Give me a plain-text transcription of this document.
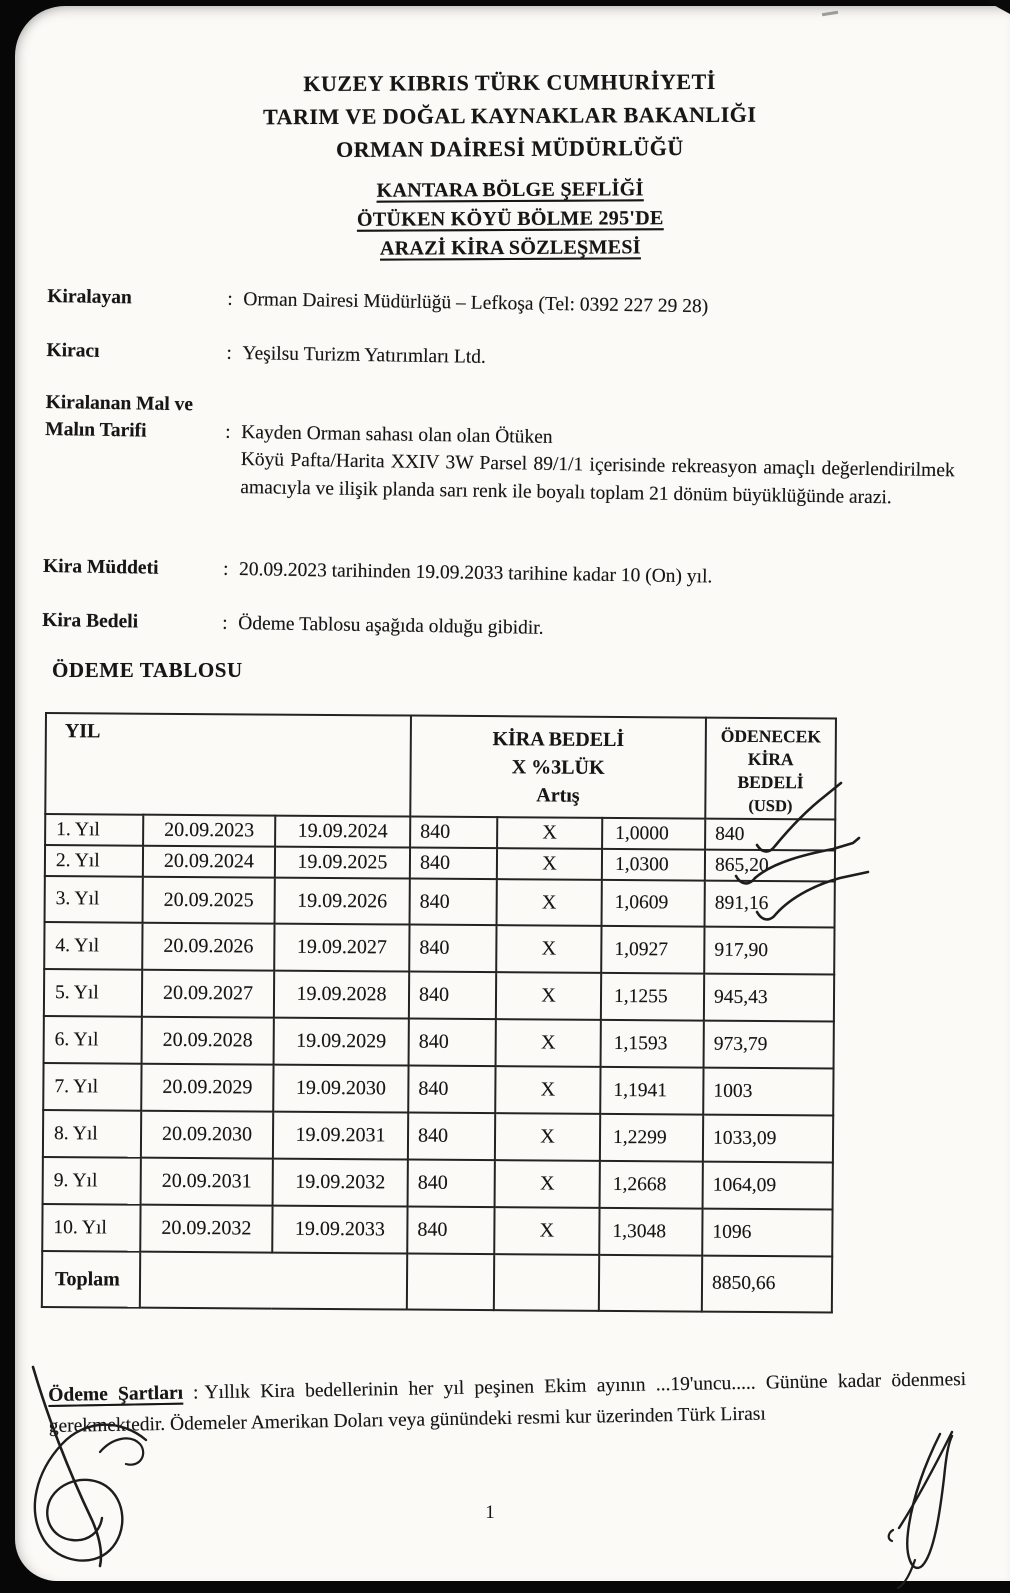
KUZEY KIBRIS TÜRK CUMHURİYETİ
TARIM VE DOĞAL KAYNAKLAR BAKANLIĞI
ORMAN DAİRESİ MÜDÜRLÜĞÜ
KANTARA BÖLGE ŞEFLİĞİ
ÖTÜKEN KÖYÜ BÖLME 295'DE
ARAZİ KİRA SÖZLEŞMESİ
Kiralayan	: Orman Dairesi Müdürlüğü – Lefkoşa (Tel: 0392 227 29 28)
Kiracı	: Yeşilsu Turizm Yatırımları Ltd.
Kiralanan Mal ve
Malın Tarifi	: Kayden Orman sahası olan olan Ötüken
Köyü Pafta/Harita XXIV 3W Parsel 89/1/1 içerisinde rekreasyon amaçlı değerlendirilmek amacıyla ve ilişik planda sarı renk ile boyalı toplam 21 dönüm büyüklüğünde arazi.
Kira Müddeti	: 20.09.2023 tarihinden 19.09.2033 tarihine kadar 10 (On) yıl.
Kira Bedeli	: Ödeme Tablosu aşağıda olduğu gibidir.
ÖDEME TABLOSU
YIL	KİRA BEDELİ
X %3LÜK
Artış

ÖDENECEK
KİRA
BEDELİ
(USD)

1. Yıl	20.09.2023	19.09.2024	840	X	1,0000	840
2. Yıl	20.09.2024	19.09.2025	840	X	1,0300	865,20
3. Yıl	20.09.2025	19.09.2026	840	X	1,0609	891,16
4. Yıl	20.09.2026	19.09.2027	840	X	1,0927	917,90
5. Yıl	20.09.2027	19.09.2028	840	X	1,1255	945,43
6. Yıl	20.09.2028	19.09.2029	840	X	1,1593	973,79
7. Yıl	20.09.2029	19.09.2030	840	X	1,1941	1003
8. Yıl	20.09.2030	19.09.2031	840	X	1,2299	1033,09
9. Yıl	20.09.2031	19.09.2032	840	X	1,2668	1064,09
10. Yıl	20.09.2032	19.09.2033	840	X	1,3048	1096
Toplam						8850,66
Ödeme Şartları : Yıllık Kira bedellerinin her yıl peşinen Ekim ayının ...19'uncu..... Gününe kadar ödenmesi gerekmektedir. Ödemeler Amerikan Doları veya günündeki resmi kur üzerinden Türk Lirası
1
